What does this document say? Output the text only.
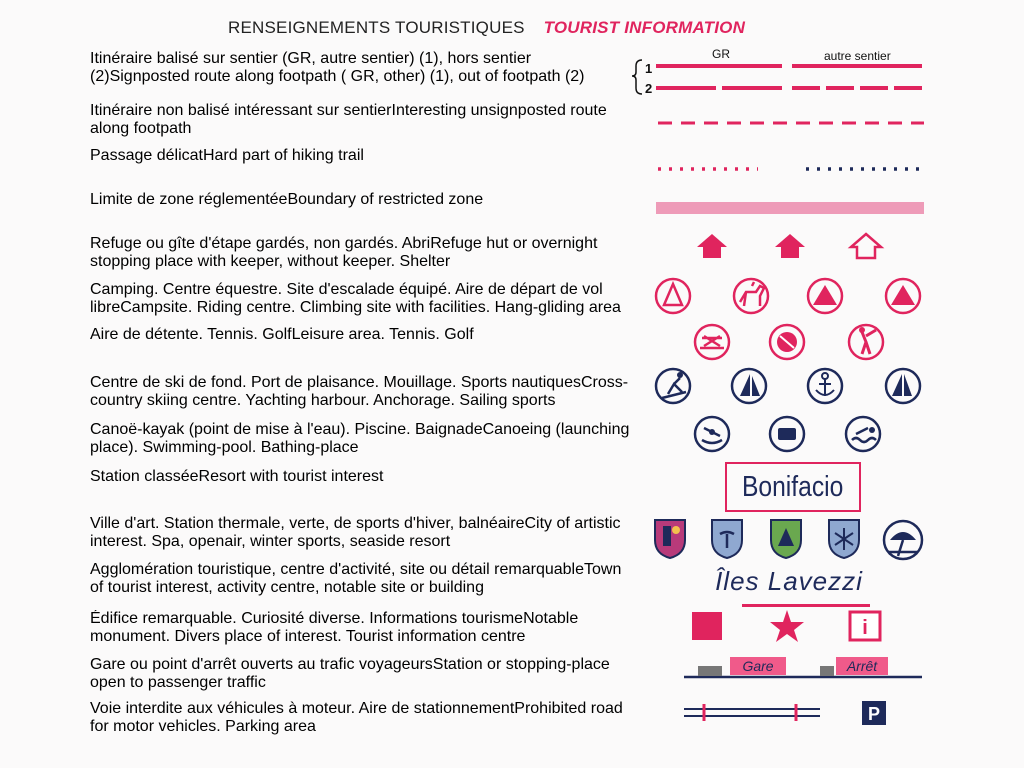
RENSEIGNEMENTS TOURISTIQUES TOURIST INFORMATION
Itinéraire balisé sur sentier (GR, autre sentier) (1), hors sentier (2)Signposted route along footpath ( GR, other) (1), out of footpath (2)
Itinéraire non balisé intéressant sur sentierInteresting unsignposted route along footpath
Passage délicatHard part of hiking trail
Limite de zone réglementéeBoundary of restricted zone
Refuge ou gîte d'étape gardés, non gardés. AbriRefuge hut or overnight stopping place with keeper, without keeper. Shelter
Camping. Centre équestre. Site d'escalade équipé. Aire de départ de vol libreCampsite. Riding centre. Climbing site with facilities. Hang-gliding area
Aire de détente. Tennis. GolfLeisure area. Tennis. Golf
Centre de ski de fond. Port de plaisance. Mouillage. Sports nautiquesCross-country skiing centre. Yachting harbour. Anchorage. Sailing sports
Canoë-kayak (point de mise à l'eau). Piscine. BaignadeCanoeing (launching place). Swimming-pool. Bathing-place
Station classéeResort with tourist interest
Ville d'art. Station thermale, verte, de sports d'hiver, balnéaireCity of artistic interest. Spa, openair, winter sports, seaside resort
Agglomération touristique, centre d'activité, site ou détail remarquableTown of tourist interest, activity centre, notable site or building
Édifice remarquable. Curiosité diverse. Informations tourismeNotable monument. Divers place of interest. Tourist information centre
Gare ou point d'arrêt ouverts au trafic voyageursStation or stopping-place open to passenger traffic
Voie interdite aux véhicules à moteur. Aire de stationnementProhibited road for motor vehicles. Parking area
GR	autre sentier
1
2
i
P
Bonifacio
Îles Lavezzi
Gare	Arrêt
